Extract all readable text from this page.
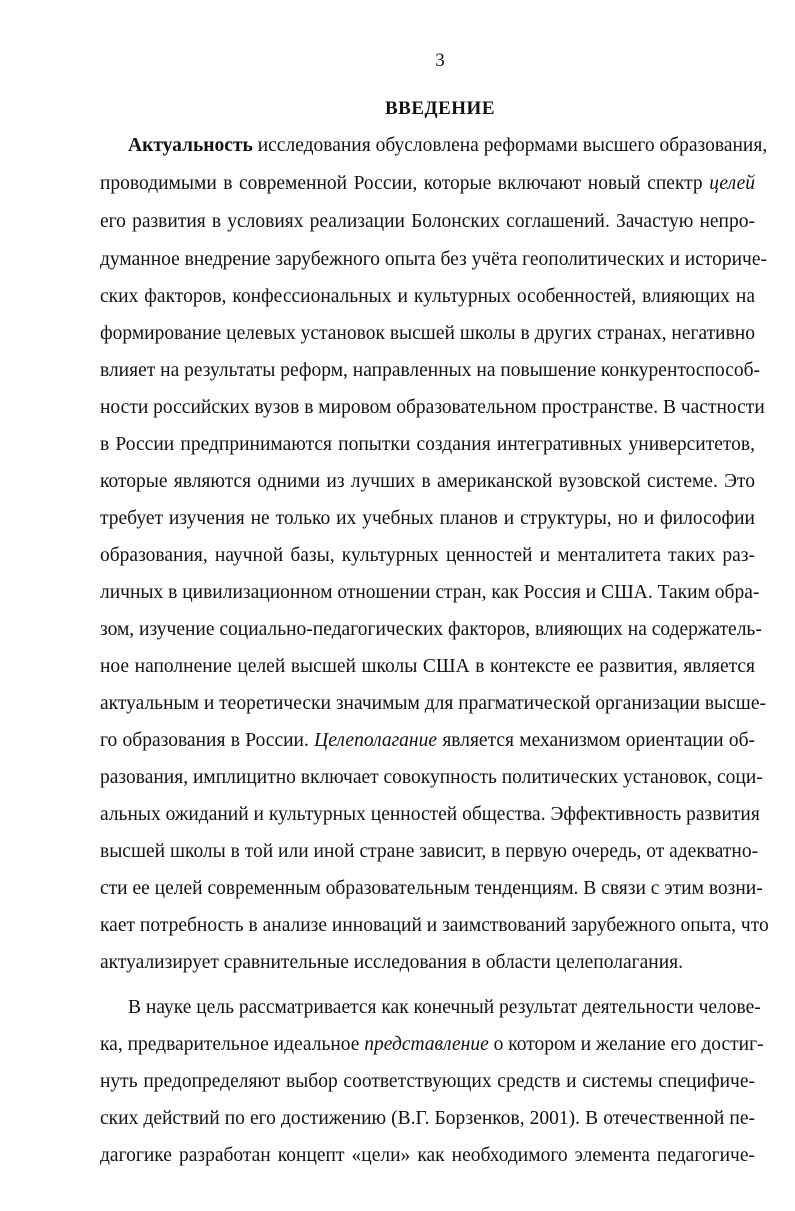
3
ВВЕДЕНИЕ
Актуальность исследования обусловлена реформами высшего образования,
проводимыми в современной России, которые включают новый спектр целей
его развития в условиях реализации Болонских соглашений. Зачастую непро-
думанное внедрение зарубежного опыта без учёта геополитических и историче-
ских факторов, конфессиональных и культурных особенностей, влияющих на
формирование целевых установок высшей школы в других странах, негативно
влияет на результаты реформ, направленных на повышение конкурентоспособ-
ности российских вузов в мировом образовательном пространстве. В частности
в России предпринимаются попытки создания интегративных университетов,
которые являются одними из лучших в американской вузовской системе. Это
требует изучения не только их учебных планов и структуры, но и философии
образования, научной базы, культурных ценностей и менталитета таких раз-
личных в цивилизационном отношении стран, как Россия и США. Таким обра-
зом, изучение социально-педагогических факторов, влияющих на содержатель-
ное наполнение целей высшей школы США в контексте ее развития, является
актуальным и теоретически значимым для прагматической организации высше-
го образования в России. Целеполагание является механизмом ориентации об-
разования, имплицитно включает совокупность политических установок, соци-
альных ожиданий и культурных ценностей общества. Эффективность развития
высшей школы в той или иной стране зависит, в первую очередь, от адекватно-
сти ее целей современным образовательным тенденциям. В связи с этим возни-
кает потребность в анализе инноваций и заимствований зарубежного опыта, что
актуализирует сравнительные исследования в области целеполагания.
В науке цель рассматривается как конечный результат деятельности челове-
ка, предварительное идеальное представление о котором и желание его достиг-
нуть предопределяют выбор соответствующих средств и системы специфиче-
ских действий по его достижению (В.Г. Борзенков, 2001). В отечественной пе-
дагогике разработан концепт «цели» как необходимого элемента педагогиче-
